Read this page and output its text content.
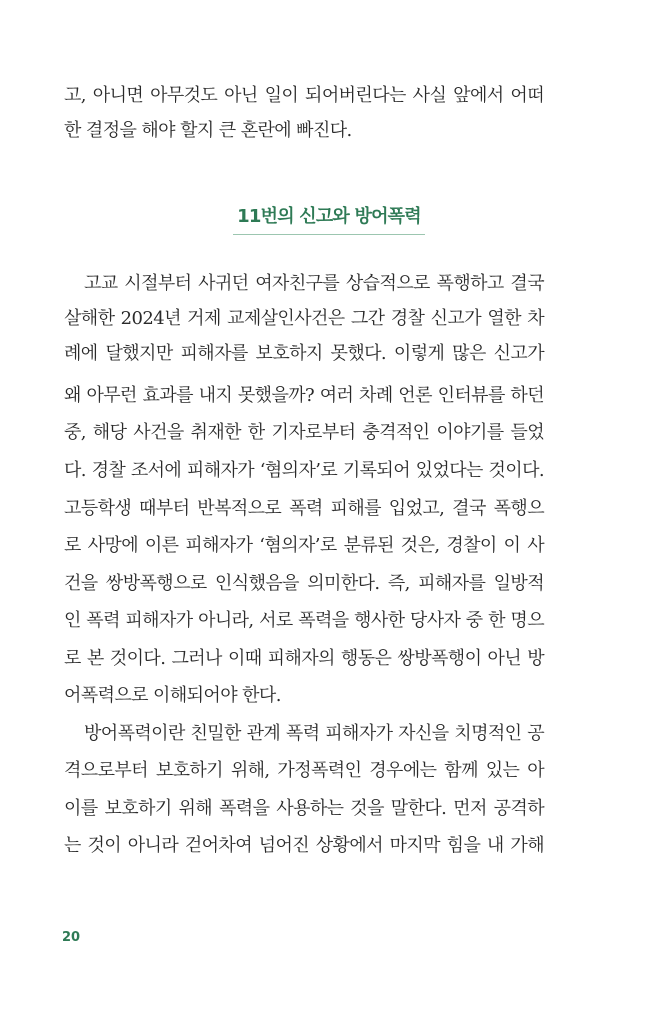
고, 아니면 아무것도 아닌 일이 되어버린다는 사실 앞에서 어떠
한 결정을 해야 할지 큰 혼란에 빠진다.
11번의 신고와 방어폭력
고교 시절부터 사귀던 여자친구를 상습적으로 폭행하고 결국
살해한 2024년 거제 교제살인사건은 그간 경찰 신고가 열한 차
례에 달했지만 피해자를 보호하지 못했다. 이렇게 많은 신고가
왜 아무런 효과를 내지 못했을까? 여러 차례 언론 인터뷰를 하던
중, 해당 사건을 취재한 한 기자로부터 충격적인 이야기를 들었
다. 경찰 조서에 피해자가 ‘혐의자’로 기록되어 있었다는 것이다.
고등학생 때부터 반복적으로 폭력 피해를 입었고, 결국 폭행으
로 사망에 이른 피해자가 ‘혐의자’로 분류된 것은, 경찰이 이 사
건을 쌍방폭행으로 인식했음을 의미한다. 즉, 피해자를 일방적
인 폭력 피해자가 아니라, 서로 폭력을 행사한 당사자 중 한 명으
로 본 것이다. 그러나 이때 피해자의 행동은 쌍방폭행이 아닌 방
어폭력으로 이해되어야 한다.
방어폭력이란 친밀한 관계 폭력 피해자가 자신을 치명적인 공
격으로부터 보호하기 위해, 가정폭력인 경우에는 함께 있는 아
이를 보호하기 위해 폭력을 사용하는 것을 말한다. 먼저 공격하
는 것이 아니라 걷어차여 넘어진 상황에서 마지막 힘을 내 가해
20
